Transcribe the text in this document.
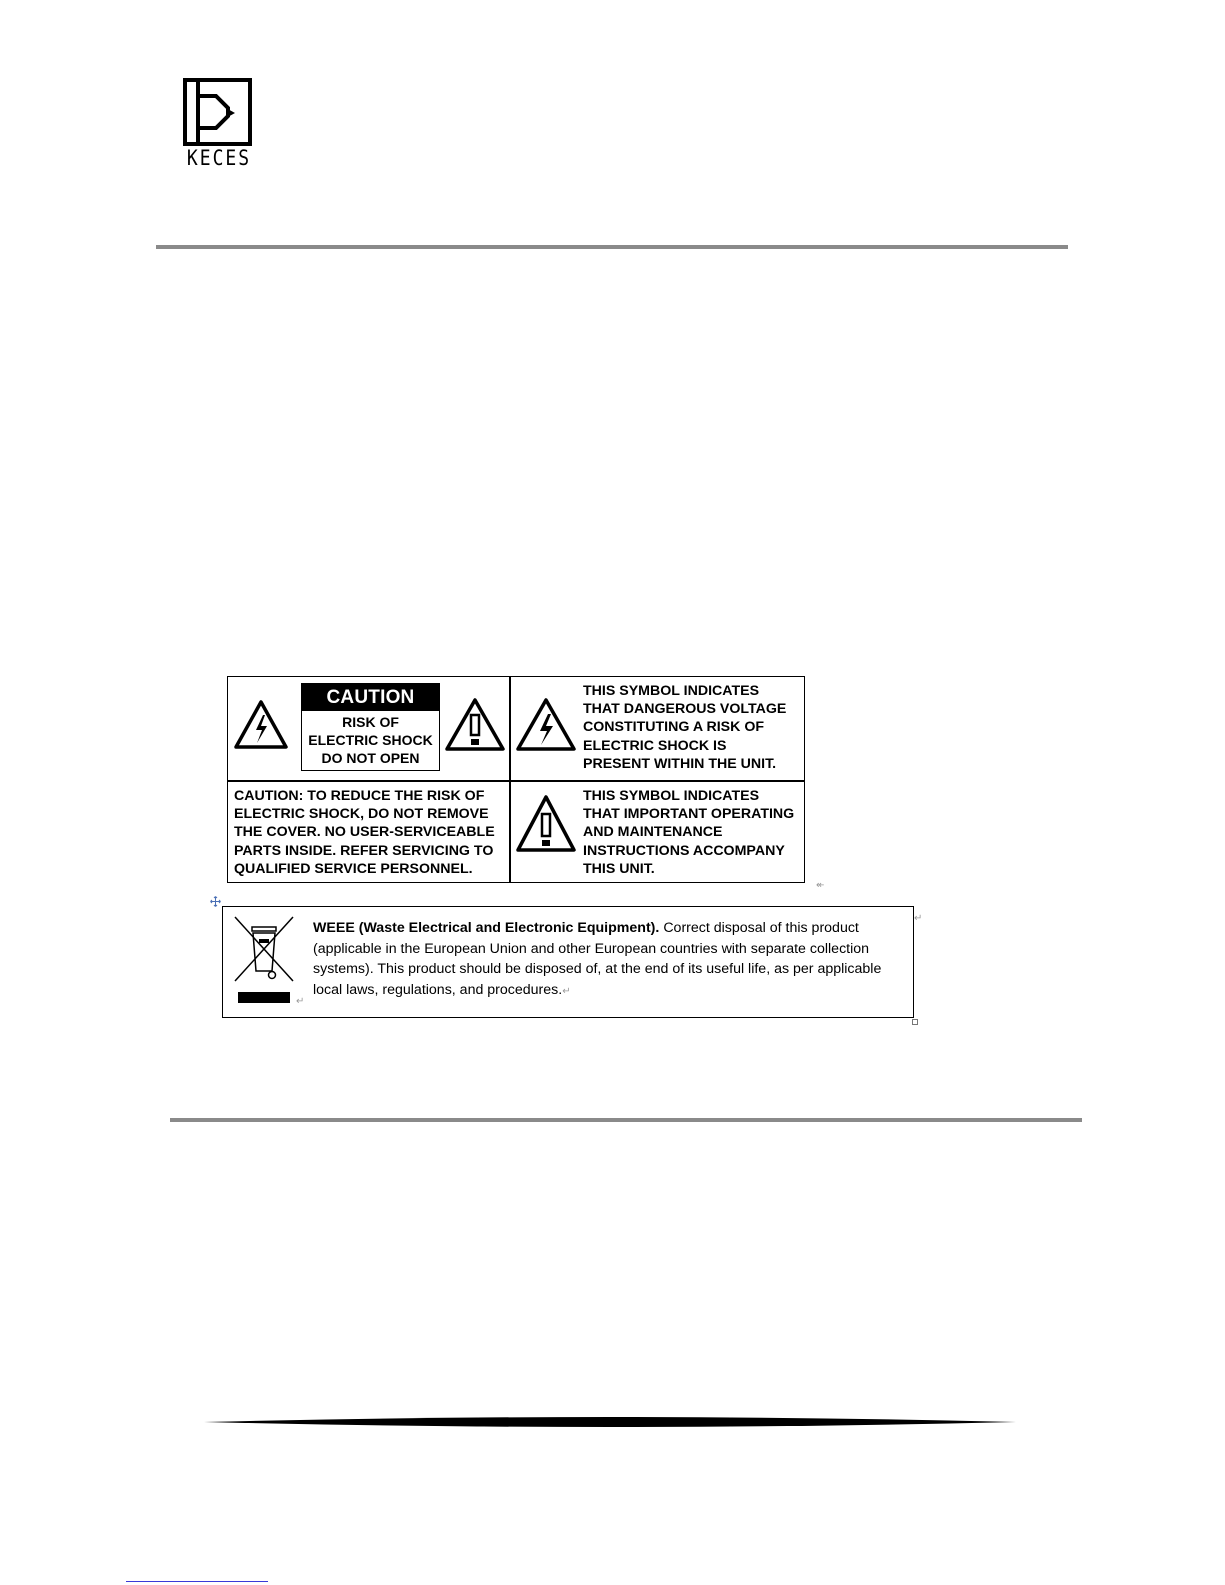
KECES
CAUTION
RISK OF
ELECTRIC SHOCK
DO NOT OPEN
THIS SYMBOL INDICATES
THAT DANGEROUS VOLTAGE
CONSTITUTING A RISK OF
ELECTRIC SHOCK IS
PRESENT WITHIN THE UNIT.
CAUTION: TO REDUCE THE RISK OF
ELECTRIC SHOCK, DO NOT REMOVE
THE COVER. NO USER-SERVICEABLE
PARTS INSIDE. REFER SERVICING TO
QUALIFIED SERVICE PERSONNEL.
THIS SYMBOL INDICATES
THAT IMPORTANT OPERATING
AND MAINTENANCE
INSTRUCTIONS ACCOMPANY
THIS UNIT.
↞
↵
WEEE (Waste Electrical and Electronic Equipment). Correct disposal of this product (applicable in the European Union and other European countries with separate collection systems). This product should be disposed of, at the end of its useful life, as per applicable local laws, regulations, and procedures.↵
↵
